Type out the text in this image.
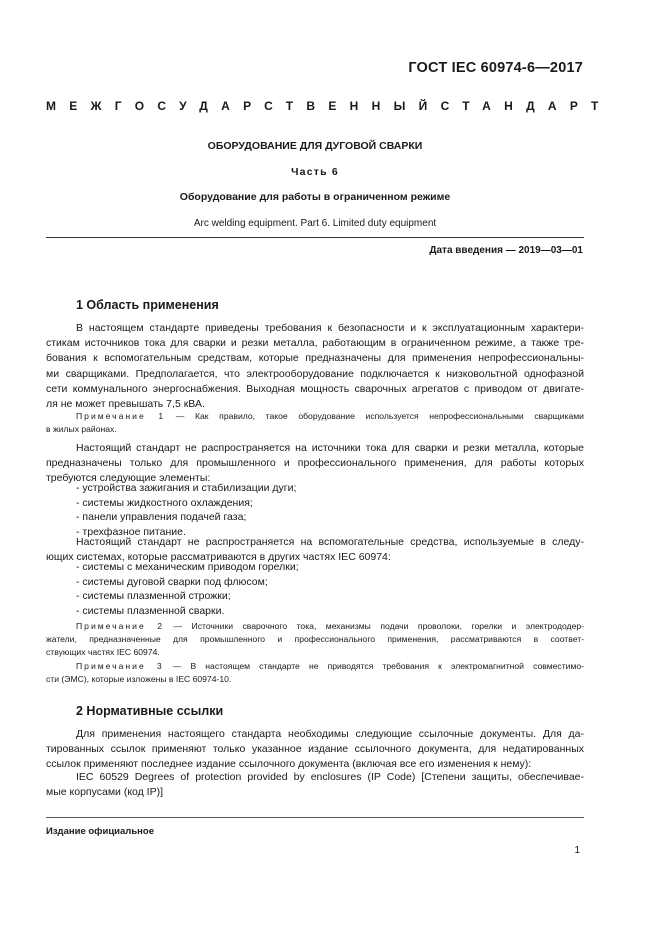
ГОСТ IEC 60974-6—2017
МЕЖГОСУДАРСТВЕННЫЙ СТАНДАРТ
ОБОРУДОВАНИЕ ДЛЯ ДУГОВОЙ СВАРКИ
Часть 6
Оборудование для работы в ограниченном режиме
Arc welding equipment. Part 6. Limited duty equipment
Дата введения — 2019—03—01
1 Область применения
В настоящем стандарте приведены требования к безопасности и к эксплуатационным характери-
стикам источников тока для сварки и резки металла, работающим в ограниченном режиме, а также тре-
бования к вспомогательным средствам, которые предназначены для применения непрофессиональны-
ми сварщиками. Предполагается, что электрооборудование подключается к низковольтной однофазной
сети коммунального энергоснабжения. Выходная мощность сварочных агрегатов с приводом от двигате-
ля не может превышать 7,5 кВА.
Примечание 1 — Как правило, такое оборудование используется непрофессиональными сварщиками
в жилых районах.
Настоящий стандарт не распространяется на источники тока для сварки и резки металла, которые
предназначены только для промышленного и профессионального применения, для работы которых
требуются следующие элементы:
- устройства зажигания и стабилизации дуги;
- системы жидкостного охлаждения;
- панели управления подачей газа;
- трехфазное питание.
Настоящий стандарт не распространяется на вспомогательные средства, используемые в следу-
ющих системах, которые рассматриваются в других частях IEC 60974:
- системы с механическим приводом горелки;
- системы дуговой сварки под флюсом;
- системы плазменной строжки;
- системы плазменной сварки.
Примечание 2 — Источники сварочного тока, механизмы подачи проволоки, горелки и электрододер-
жатели, предназначенные для промышленного и профессионального применения, рассматриваются в соответ-
ствующих частях IEC 60974.
Примечание 3 — В настоящем стандарте не приводятся требования к электромагнитной совместимо-
сти (ЭМС), которые изложены в IEC 60974-10.
2 Нормативные ссылки
Для применения настоящего стандарта необходимы следующие ссылочные документы. Для да-
тированных ссылок применяют только указанное издание ссылочного документа, для недатированных
ссылок применяют последнее издание ссылочного документа (включая все его изменения к нему):
IEC 60529 Degrees of protection provided by enclosures (IP Code) [Степени защиты, обеспечивае-
мые корпусами (код IP)]
Издание официальное
1
